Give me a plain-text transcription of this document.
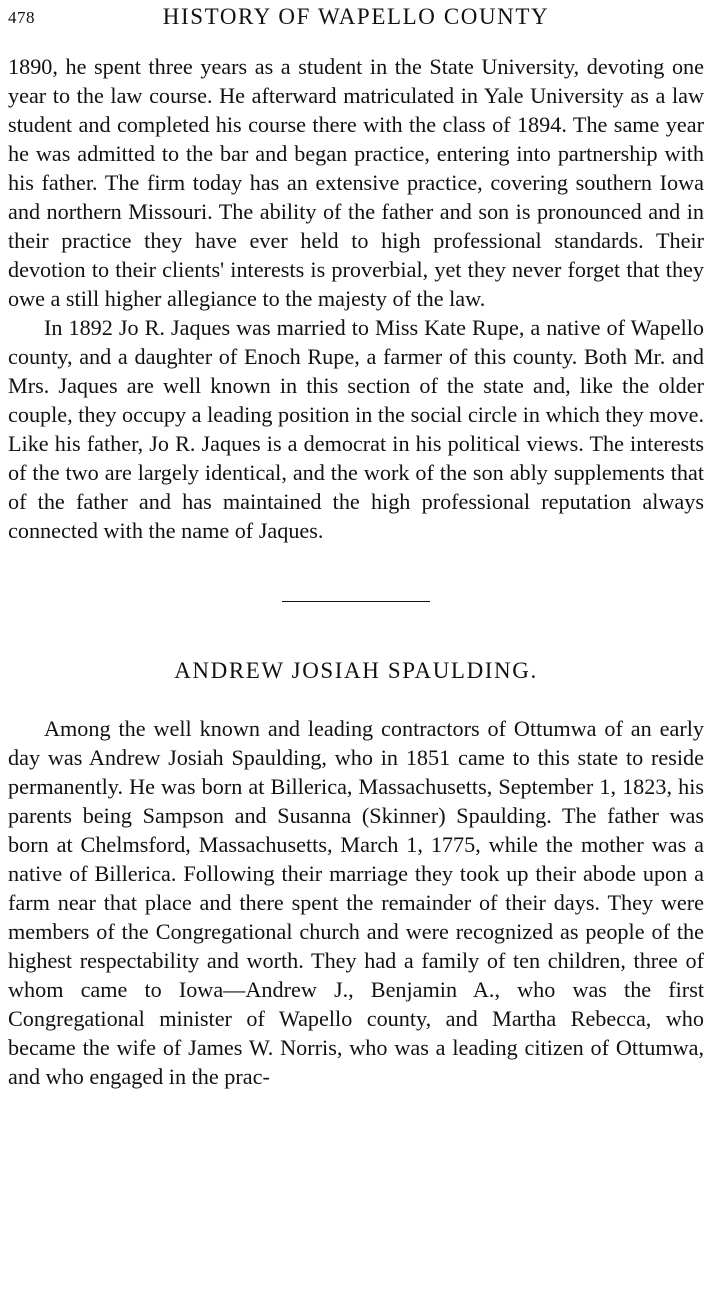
478	HISTORY OF WAPELLO COUNTY

1890, he spent three years as a student in the State University, devoting one year to the law course. He afterward matriculated in Yale University as a law student and completed his course there with the class of 1894. The same year he was admitted to the bar and began practice, entering into partnership with his father. The firm today has an extensive practice, covering southern Iowa and northern Missouri. The ability of the father and son is pronounced and in their practice they have ever held to high professional standards. Their devotion to their clients' interests is proverbial, yet they never forget that they owe a still higher allegiance to the majesty of the law.

In 1892 Jo R. Jaques was married to Miss Kate Rupe, a native of Wapello county, and a daughter of Enoch Rupe, a farmer of this county. Both Mr. and Mrs. Jaques are well known in this section of the state and, like the older couple, they occupy a leading position in the social circle in which they move. Like his father, Jo R. Jaques is a democrat in his political views. The interests of the two are largely identical, and the work of the son ably supplements that of the father and has maintained the high professional reputation always connected with the name of Jaques.

ANDREW JOSIAH SPAULDING.

Among the well known and leading contractors of Ottumwa of an early day was Andrew Josiah Spaulding, who in 1851 came to this state to reside permanently. He was born at Billerica, Massachusetts, September 1, 1823, his parents being Sampson and Susanna (Skinner) Spaulding. The father was born at Chelmsford, Massachusetts, March 1, 1775, while the mother was a native of Billerica. Following their marriage they took up their abode upon a farm near that place and there spent the remainder of their days. They were members of the Congregational church and were recognized as people of the highest respectability and worth. They had a family of ten children, three of whom came to Iowa—Andrew J., Benjamin A., who was the first Congregational minister of Wapello county, and Martha Rebecca, who became the wife of James W. Norris, who was a leading citizen of Ottumwa, and who engaged in the prac-
